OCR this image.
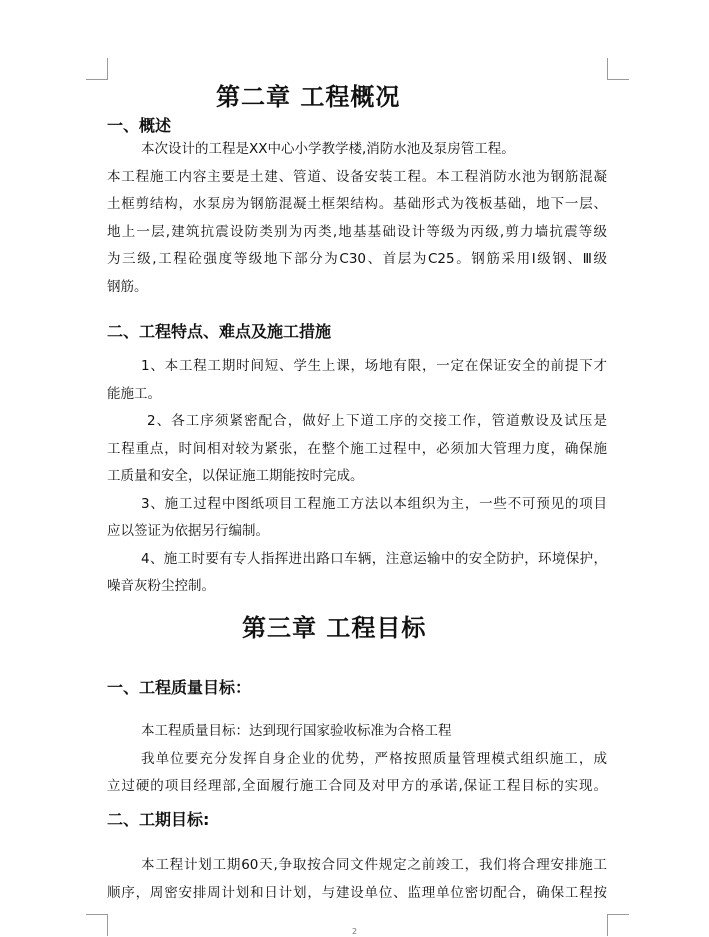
第二章 工程概况
一、概述
本次设计的工程是XX中心小学教学楼,消防水池及泵房管工程。
本工程施工内容主要是土建、管道、设备安装工程。本工程消防水池为钢筋混凝
土框剪结构，水泵房为钢筋混凝土框架结构。基础形式为筏板基础，地下一层、
地上一层,建筑抗震设防类别为丙类,地基基础设计等级为丙级,剪力墙抗震等级
为三级,工程砼强度等级地下部分为C30、首层为C25。钢筋采用Ⅰ级钢、Ⅲ级
钢筋。
二、工程特点、难点及施工措施
1、本工程工期时间短、学生上课，场地有限，一定在保证安全的前提下才
能施工。
2、各工序须紧密配合，做好上下道工序的交接工作，管道敷设及试压是
工程重点，时间相对较为紧张，在整个施工过程中，必须加大管理力度，确保施
工质量和安全，以保证施工期能按时完成。
3、施工过程中图纸项目工程施工方法以本组织为主，一些不可预见的项目
应以签证为依据另行编制。
4、施工时要有专人指挥进出路口车辆，注意运输中的安全防护，环境保护，
噪音灰粉尘控制。
第三章 工程目标
一、工程质量目标：
本工程质量目标：达到现行国家验收标准为合格工程
我单位要充分发挥自身企业的优势，严格按照质量管理模式组织施工，成
立过硬的项目经理部,全面履行施工合同及对甲方的承诺,保证工程目标的实现。
二、工期目标:
本工程计划工期60天,争取按合同文件规定之前竣工，我们将合理安排施工
顺序，周密安排周计划和日计划，与建设单位、监理单位密切配合，确保工程按
2
